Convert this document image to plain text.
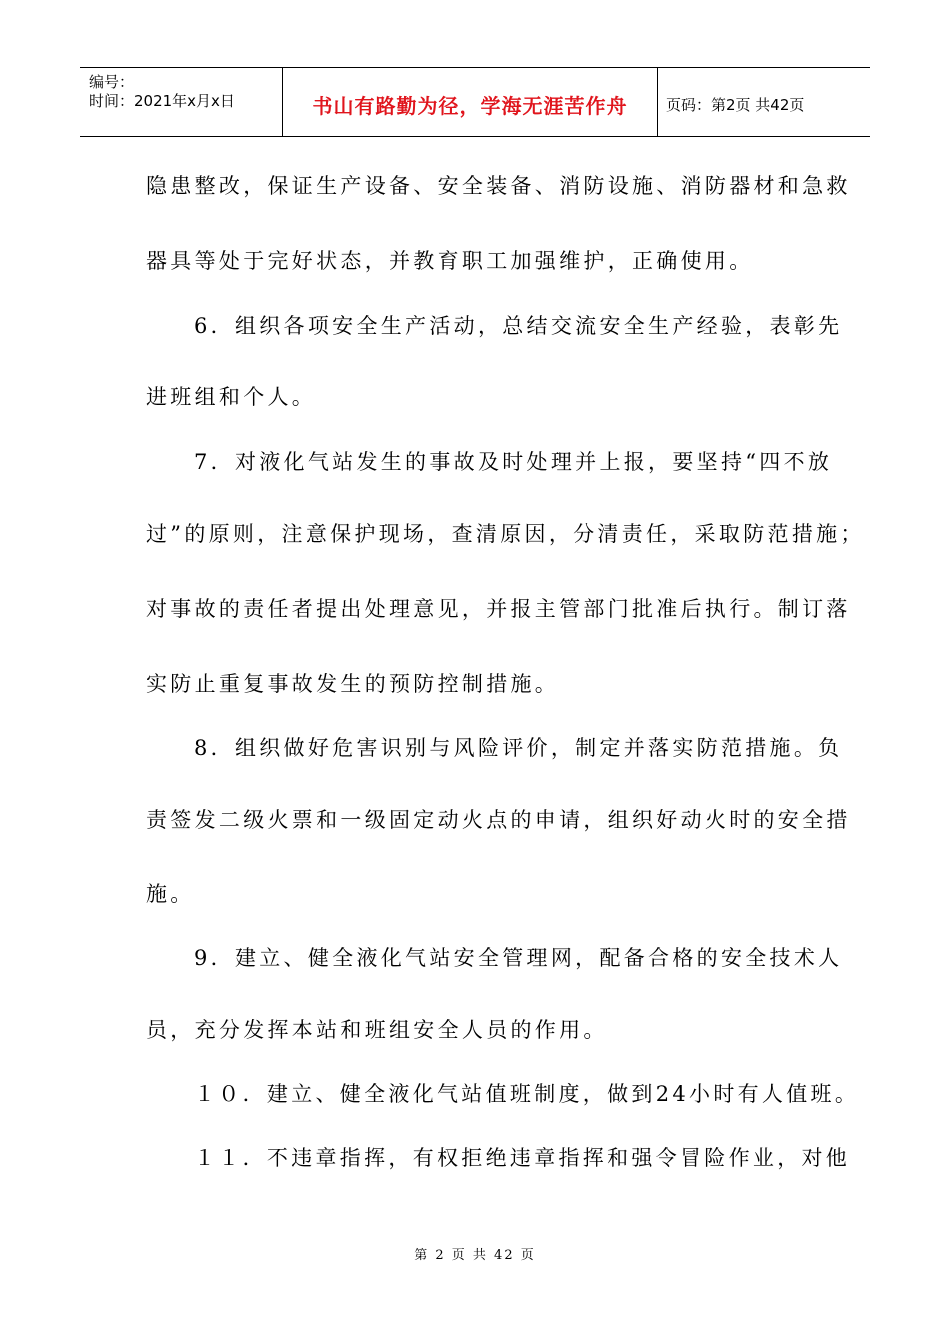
编号：
时间：2021年x月x日	书山有路勤为径，学海无涯苦作舟	页码：第2页 共42页
隐患整改，保证生产设备、安全装备、消防设施、消防器材和急救
器具等处于完好状态，并教育职工加强维护，正确使用。
6．组织各项安全生产活动，总结交流安全生产经验，表彰先
进班组和个人。
7．对液化气站发生的事故及时处理并上报，要坚持“四不放
过”的原则，注意保护现场，查清原因，分清责任，采取防范措施；
对事故的责任者提出处理意见，并报主管部门批准后执行。制订落
实防止重复事故发生的预防控制措施。
8．组织做好危害识别与风险评价，制定并落实防范措施。负
责签发二级火票和一级固定动火点的申请，组织好动火时的安全措
施。
9．建立、健全液化气站安全管理网，配备合格的安全技术人
员，充分发挥本站和班组安全人员的作用。
１０．建立、健全液化气站值班制度，做到24小时有人值班。
１１．不违章指挥，有权拒绝违章指挥和强令冒险作业，对他
第 2 页 共 42 页
